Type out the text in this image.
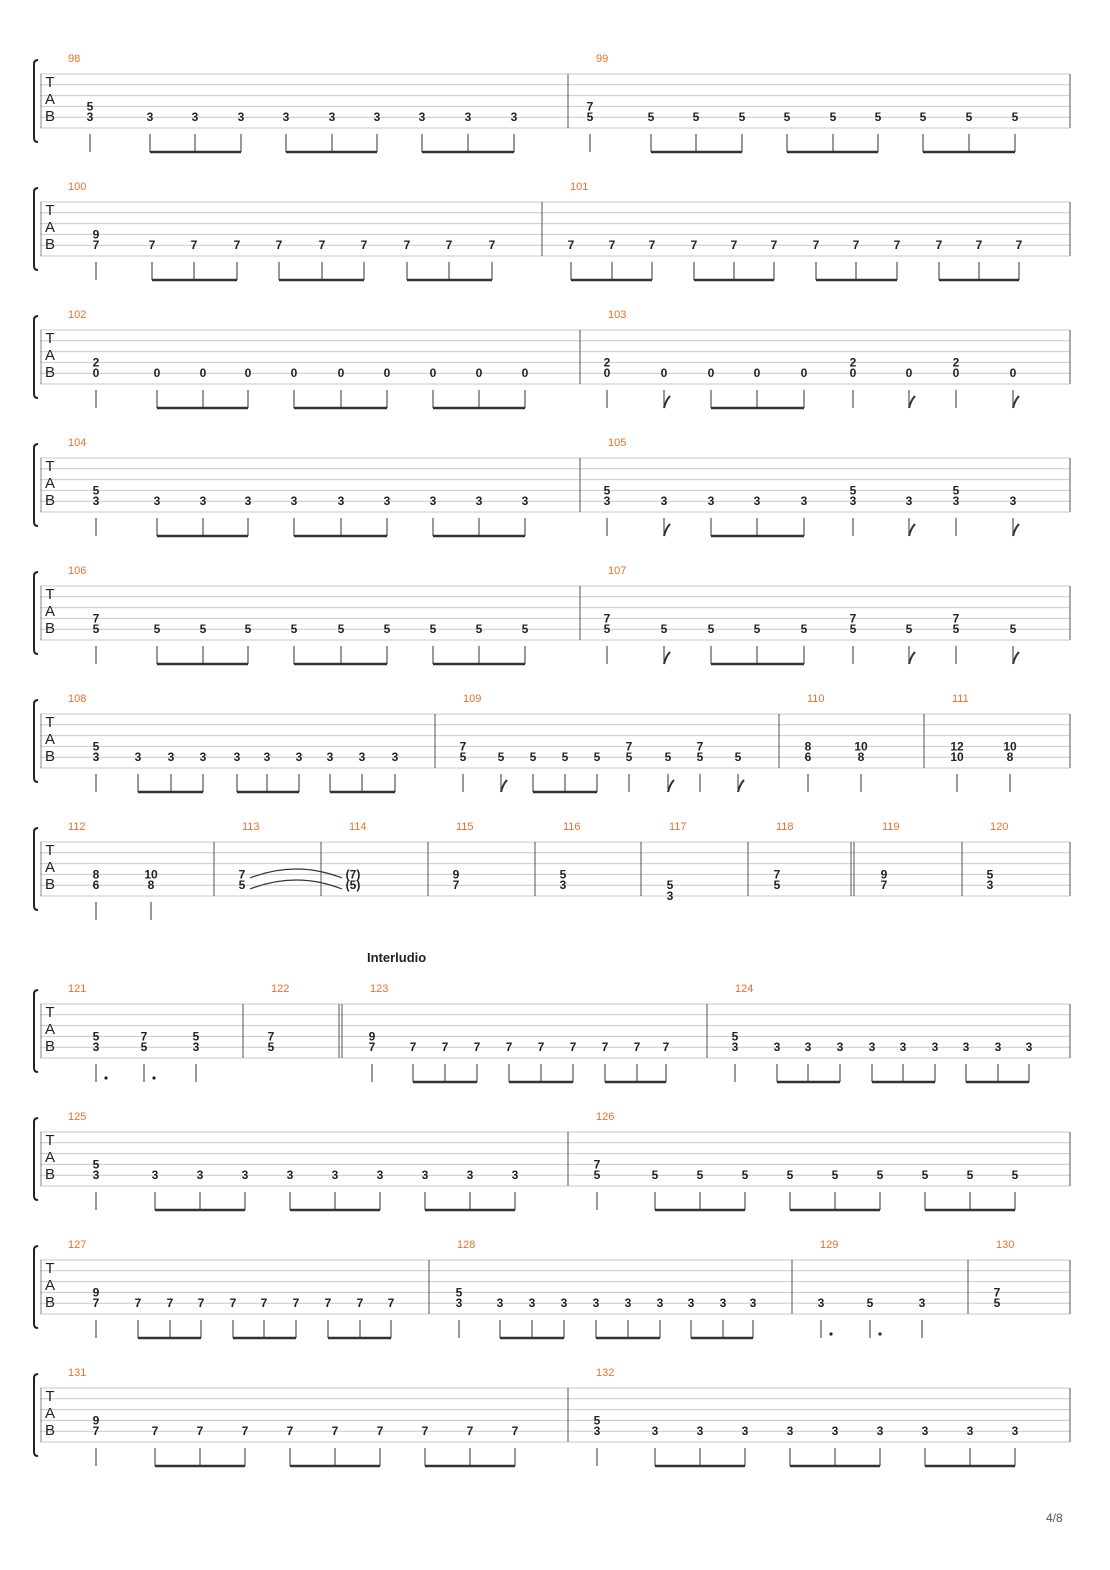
T
A
B
98
5
3	3	3	3	3	3	3	3	3	3
99
7
5	5	5	5	5	5	5	5	5	5
T
A
B
100
9
7	7	7	7	7	7	7	7	7	7
101
7	7	7	7	7	7	7	7	7	7	7	7
T
A
B
102
2
0	0	0	0	0	0	0	0	0	0
103
2
0	0	0	0	0
2
0	0
2
0	0
T
A
B
104
5
3	3	3	3	3	3	3	3	3	3
105
5
3	3	3	3	3
5
3	3
5
3	3
T
A
B
106
7
5	5	5	5	5	5	5	5	5	5
107
7
5	5	5	5	5
7
5	5
7
5	5
T
A
B
108
5
3	3 3 3 3 3 3 3 3 3
109
7
5	5 5 5 5
7
5	5
7
5	5
110
8
6
10
8
111
12
10
10
8
T
A
B
112
8
6
10
8
113
7
5
114
(7)
(5)
115
9
7
116
5
3
117
5
3
118
7
5
119
9
7
120
5
3
T
A
B
121
5
3
7
5
5
3
122
7
5
123
9
7	7 7 7 7 7 7 7 7 7
124
5
3	3 3 3 3 3 3 3 3 3
T
A
B
125
5
3	3	3	3	3	3	3	3	3	3
126
7
5	5	5	5	5	5	5	5	5	5
T
A
B
127
9
7	7 7 7 7 7 7 7 7 7
128
5
3	3 3 3 3 3 3 3 3 3
129
3	5	3
130
7
5
T
A
B
131
9
7	7	7	7	7	7	7	7	7	7
132
5
3	3	3	3	3	3	3	3	3	3
Interludio
4/8
